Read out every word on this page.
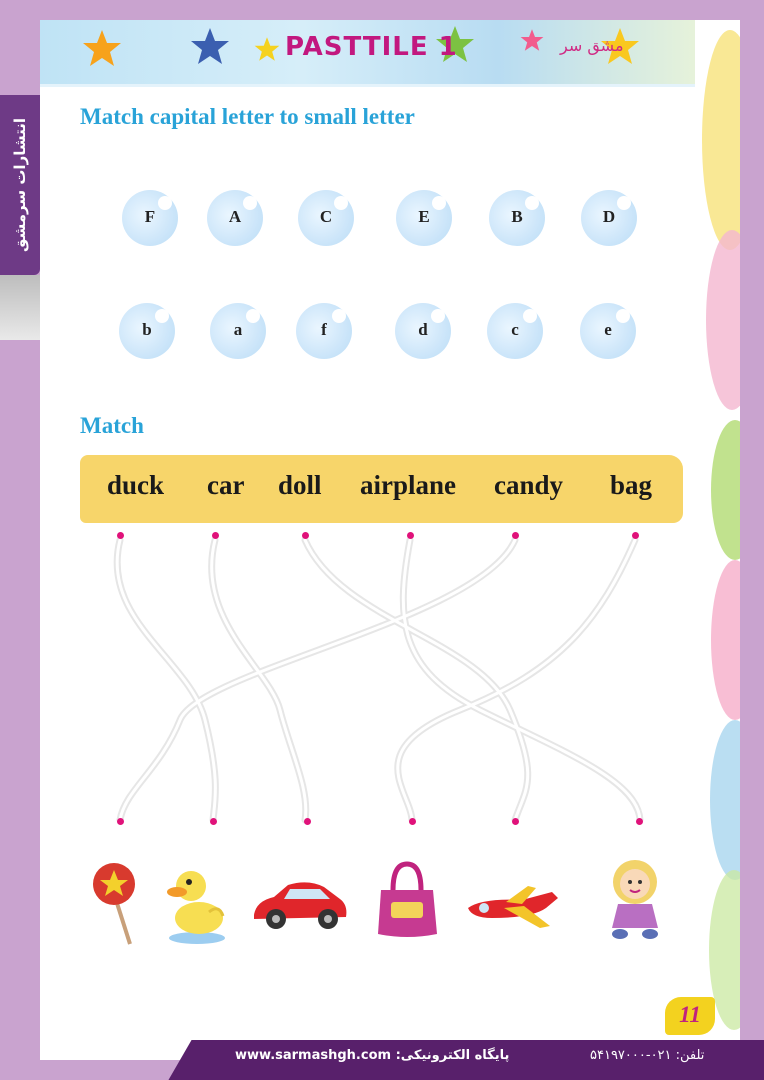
PASTTILE 1	مشق سر
Match capital letter to small letter
F	A	C	E	B	D
b	a	f	d	c	e
Match
duck car doll airplane candy bag
11
انتشارات سرمشق
www.sarmashgh.com :پایگاه الکترونیکی	تلفن: ۰۲۱-۵۴۱۹۷۰۰۰
